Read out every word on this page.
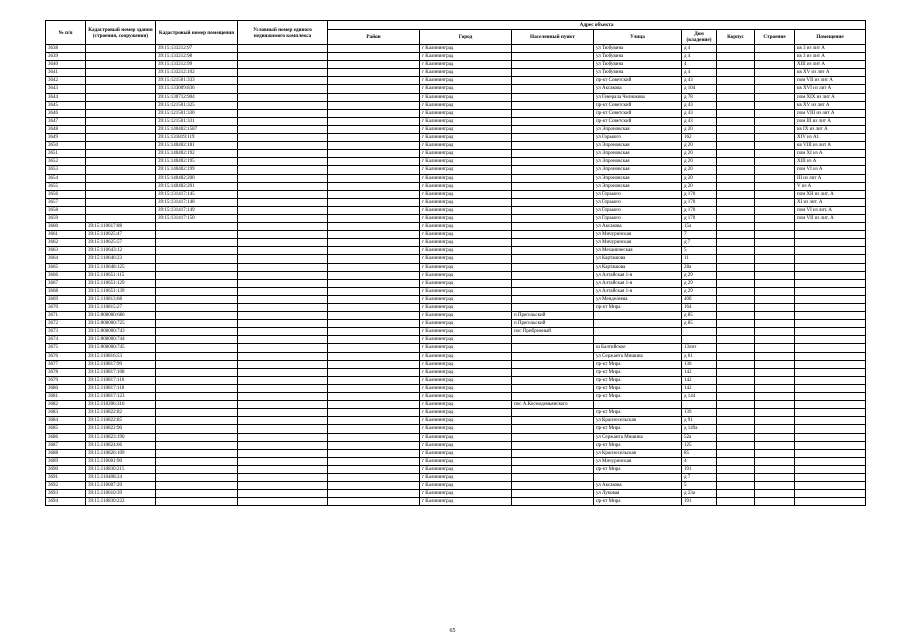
№ п/п	Кадастровый номер здания (строения, сооружения)	Кадастровый номер помещения	Условный номер единого недвижимого комплекса	Адрес объекта							
				Район	Город	Населенный пункт	Улица	Дом (владение)	Корпус	Строение	Помещение
3638		39:15:133212:97			г Калининград		ул Тюбувина	д 4			кв 3 из лит А
3639		39:15:133212:98			г Калининград		ул Тюбувина	д 4			кв 3 из лит А
3640		39:15:133212:99			г Калининград		ул Тюбувина	4			XIII из лит А
3641		39:15:133212:102			г Калининград		ул Тюбувина	д 4			кв XV из лит А
3642		39:15:121501:333			г Калининград		пр-кт Советский	д 43			пом VII из лит А
3643		39:15:133009:836			г Калининград		ул Аксакова	д 104			кв XVI из лит А
3644		39:15:130712:904			г Калининград		ул Генерала Челнокова	д 78			пом XIX из лит А
3645		39:15:121501:325			г Калининград		пр-кт Советский	д 43			кв XV из лит А
3646		39:15:121501:330			г Калининград		пр-кт Советский	д 43			пом VIII из лит А
3647		39:15:121501:331			г Калининград		пр-кт Советский	д 43			пом III из лит А
3648		39:15:140402:1587			г Калининград		ул Эпроновская	д 20			кв IX из лит А
3649		39:15:131819:119			г Калининград		ул Горького	162			XIV из А1
3650		39:15:140402:181			г Калининград		ул Эпроновская	д 20			кв VIII из лит А
3651		39:15:140402:192			г Калининград		ул Эпроновская	д 20			пом XI из А
3652		39:15:140402:195			г Калининград		ул Эпроновская	д 20			XIII из А
3653		39:15:140402:199			г Калининград		ул Эпроновская	д 20			пом VI из А
3654		39:15:140402:200			г Калининград		ул Эпроновская	д 20			III из лит А
3655		39:15:140402:201			г Калининград		ул Эпроновская	д 20			V из А
3656		39:15:131417:145			г Калининград		ул Горького	д 170			пом XII из лит. А
3657		39:15:131417:148			г Калининград		ул Горького	д 170			XI из лит. А
3658		39:15:131417:149			г Калининград		ул Горького	д 170			пом VI из лит. А
3659		39:15:131417:150			г Калининград		ул Горького	д 170			пом VII из лит. А
3660	39:15:110617:88				г Калининград		ул Аксакова	15а			
3661	39:15:110625:47				г Калининград		ул Мичуринская	7			
3662	39:15:110625:57				г Калининград		ул Мичуринская	д 7			
3663	39:15:110643:12				г Калининград		ул Механическая	5			
3664	39:15:110646:23				г Калининград		ул Карташова	11			
3665	39:15:110648:125				г Калининград		ул Карташова	28а			
3666	39:15:110651:115				г Калининград		ул Алтайская 1-я	д 29			
3667	39:15:110651:129				г Калининград		ул Алтайская 1-я	д 29			
3668	39:15:110651:139				г Калининград		ул Алтайская 1-я	д 29			
3669	39:15:110813:68				г Калининград		ул Менделеева	40б			
3670	39:15:110815:27				г Калининград		пр-кт Мира	164			
3671	39:15:000000:686				г Калининград	п Прегольский		д 85			
3672	39:15:000000:725				г Калининград	п Прегольский		д 85			
3673	39:15:000000:743				г Калининград	пос Прибрежный					
3674	39:15:000000:744				г Калининград						
3675	39:15:000000:745				г Калининград		ш Балтийское	13лит			
3676	39:15:110816:53				г Калининград		ул Сержанта Мишина	д 61			
3677	39:15:110817:99				г Калининград		пр-кт Мира	136			
3678	39:15:110817:108				г Калининград		пр-кт Мира	142			
3679	39:15:110817:116				г Калининград		пр-кт Мира	142			
3680	39:15:110817:118				г Калининград		пр-кт Мира	142			
3681	39:15:110817:123				г Калининград		пр-кт Мира	д 144			
3682	39:15:110206:316				г Калининград	пос А.Космодемьянского					
3683	39:15:110822:82				г Калининград		пр-кт Мира	139			
3684	39:15:110822:85				г Калининград		ул Красносельская	д 91			
3685	39:15:110822:90				г Калининград		пр-кт Мира	д 149а			
3686	39:15:110823:190				г Калининград		ул Сержанта Мишина	52а			
3687	39:15:110824:66				г Калининград		пр-кт Мира	125			
3688	39:15:110826:109				г Калининград		ул Красносельская	85			
3689	39:15:110601:90				г Калининград		ул Мичуринская	4			
3690	39:15:110830:215				г Калининград		пр-кт Мира	191			
3691	39:15:110408:24				г Калининград			д 7			
3692	39:15:110607:20				г Калининград		ул Аксакова	5			
3693	39:15:110610:39				г Калининград		ул Луковая	д 23а			
3694	39:15:110830:222				г Калининград		пр-кт Мира	191			
65
